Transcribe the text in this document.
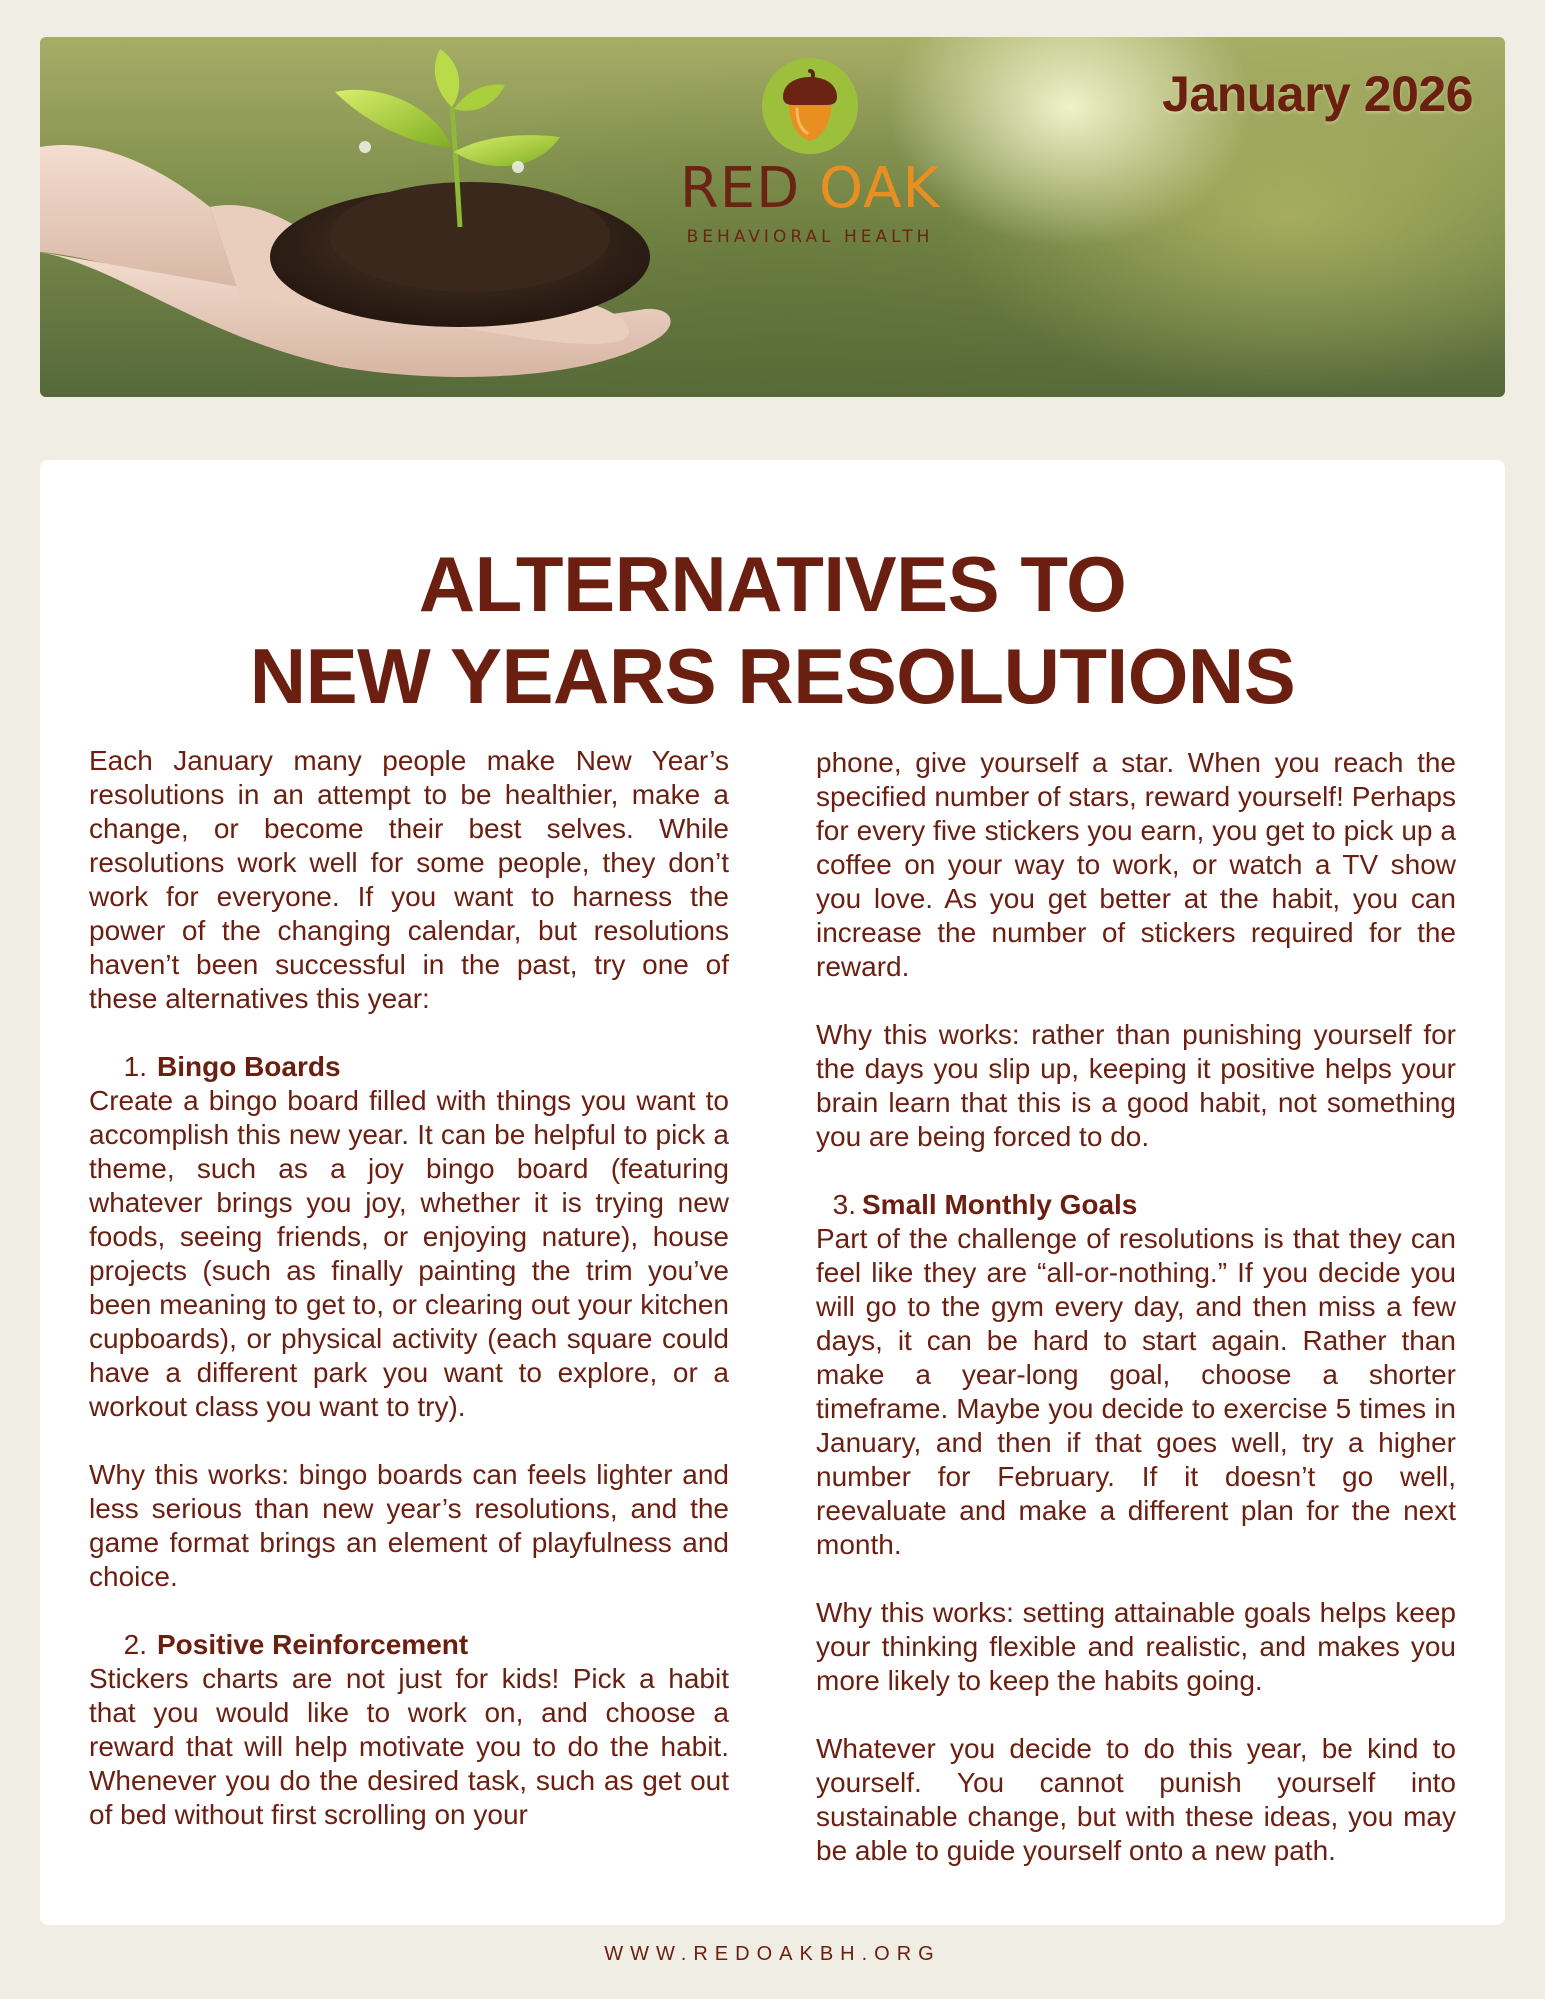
RED OAK
BEHAVIORAL HEALTH
January 2026
ALTERNATIVES TO
NEW YEARS RESOLUTIONS

Each January many people make New Year’s resolutions in an attempt to be healthier, make a change, or become their best selves. While resolutions work well for some people, they don’t work for everyone. If you want to harness the power of the changing calendar, but resolutions haven’t been successful in the past, try one of these alternatives this year:

1. Bingo Boards

Create a bingo board filled with things you want to accomplish this new year. It can be helpful to pick a theme, such as a joy bingo board (featuring whatever brings you joy, whether it is trying new foods, seeing friends, or enjoying nature), house projects (such as finally painting the trim you’ve been meaning to get to, or clearing out your kitchen cupboards), or physical activity (each square could have a different park you want to explore, or a workout class you want to try).

Why this works: bingo boards can feels lighter and less serious than new year’s resolutions, and the game format brings an element of playfulness and choice.

2. Positive Reinforcement

Stickers charts are not just for kids! Pick a habit that you would like to work on, and choose a reward that will help motivate you to do the habit. Whenever you do the desired task, such as get out of bed without first scrolling on your

phone, give yourself a star. When you reach the specified number of stars, reward yourself! Perhaps for every five stickers you earn, you get to pick up a coffee on your way to work, or watch a TV show you love. As you get better at the habit, you can increase the number of stickers required for the reward.

Why this works: rather than punishing yourself for the days you slip up, keeping it positive helps your brain learn that this is a good habit, not something you are being forced to do.

3. Small Monthly Goals

Part of the challenge of resolutions is that they can feel like they are “all-or-nothing.” If you decide you will go to the gym every day, and then miss a few days, it can be hard to start again. Rather than make a year-long goal, choose a shorter timeframe. Maybe you decide to exercise 5 times in January, and then if that goes well, try a higher number for February. If it doesn’t go well, reevaluate and make a different plan for the next month.

Why this works: setting attainable goals helps keep your thinking flexible and realistic, and makes you more likely to keep the habits going.

Whatever you decide to do this year, be kind to yourself. You cannot punish yourself into sustainable change, but with these ideas, you may be able to guide yourself onto a new path.

WWW.REDOAKBH.ORG
